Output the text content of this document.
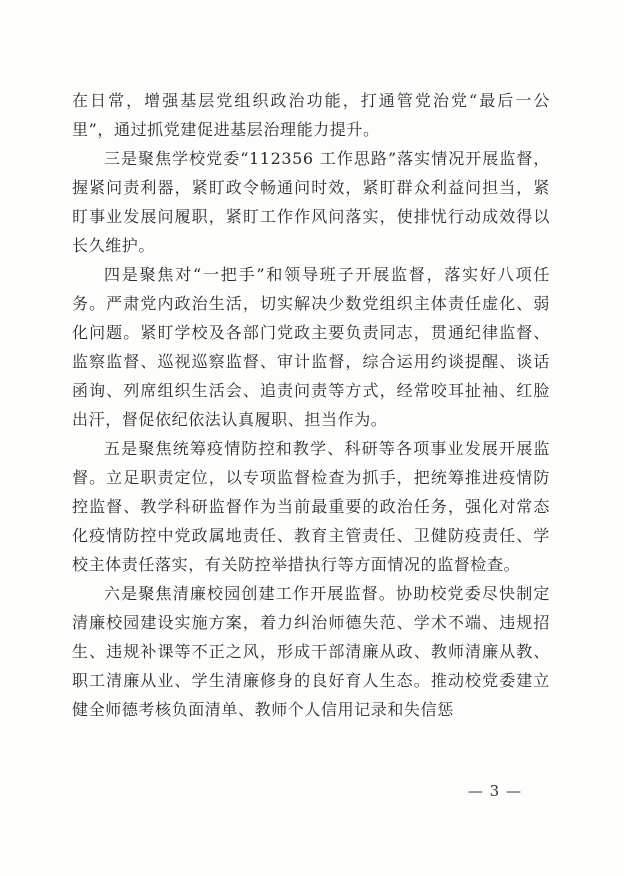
在日常，增强基层党组织政治功能，打通管党治党“最后一公里”，通过抓党建促进基层治理能力提升。

三是聚焦学校党委“112356 工作思路”落实情况开展监督，握紧问责利器，紧盯政令畅通问时效，紧盯群众利益问担当，紧盯事业发展问履职，紧盯工作作风问落实，使排忧行动成效得以长久维护。

四是聚焦对“一把手”和领导班子开展监督，落实好八项任务。严肃党内政治生活，切实解决少数党组织主体责任虚化、弱化问题。紧盯学校及各部门党政主要负责同志，贯通纪律监督、监察监督、巡视巡察监督、审计监督，综合运用约谈提醒、谈话函询、列席组织生活会、追责问责等方式，经常咬耳扯袖、红脸出汗，督促依纪依法认真履职、担当作为。

五是聚焦统筹疫情防控和教学、科研等各项事业发展开展监督。立足职责定位，以专项监督检查为抓手，把统筹推进疫情防控监督、教学科研监督作为当前最重要的政治任务，强化对常态化疫情防控中党政属地责任、教育主管责任、卫健防疫责任、学校主体责任落实，有关防控举措执行等方面情况的监督检查。

六是聚焦清廉校园创建工作开展监督。协助校党委尽快制定清廉校园建设实施方案，着力纠治师德失范、学术不端、违规招生、违规补课等不正之风，形成干部清廉从政、教师清廉从教、职工清廉从业、学生清廉修身的良好育人生态。推动校党委建立健全师德考核负面清单、教师个人信用记录和失信惩

— 3 —
